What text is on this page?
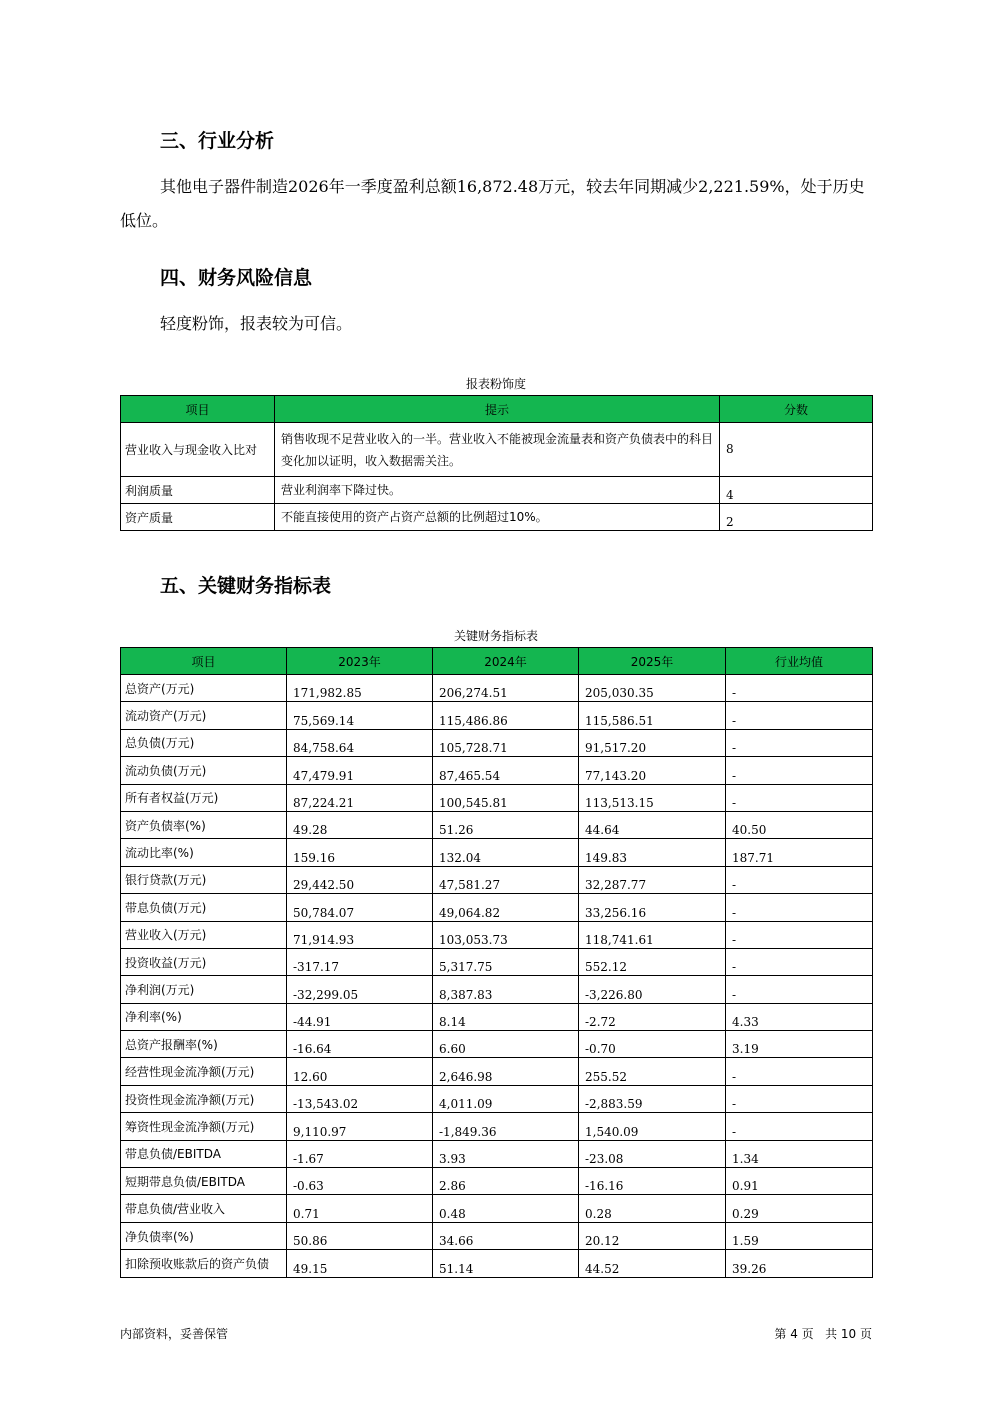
三、行业分析

其他电子器件制造2026年一季度盈利总额16,872.48万元，较去年同期减少2,221.59%，处于历史低位。

四、财务风险信息

轻度粉饰，报表较为可信。

报表粉饰度
项目	提示	分数
营业收入与现金收入比对	销售收现不足营业收入的一半。营业收入不能被现金流量表和资产负债表中的科目变化加以证明，收入数据需关注。	8
利润质量	营业利润率下降过快。	4
资产质量	不能直接使用的资产占资产总额的比例超过10%。	2
五、关键财务指标表
关键财务指标表
项目	2023年	2024年	2025年	行业均值
总资产(万元)	171,982.85	206,274.51	205,030.35	-
流动资产(万元)	75,569.14	115,486.86	115,586.51	-
总负债(万元)	84,758.64	105,728.71	91,517.20	-
流动负债(万元)	47,479.91	87,465.54	77,143.20	-
所有者权益(万元)	87,224.21	100,545.81	113,513.15	-
资产负债率(%)	49.28	51.26	44.64	40.50
流动比率(%)	159.16	132.04	149.83	187.71
银行贷款(万元)	29,442.50	47,581.27	32,287.77	-
带息负债(万元)	50,784.07	49,064.82	33,256.16	-
营业收入(万元)	71,914.93	103,053.73	118,741.61	-
投资收益(万元)	-317.17	5,317.75	552.12	-
净利润(万元)	-32,299.05	8,387.83	-3,226.80	-
净利率(%)	-44.91	8.14	-2.72	4.33
总资产报酬率(%)	-16.64	6.60	-0.70	3.19
经营性现金流净额(万元)	12.60	2,646.98	255.52	-
投资性现金流净额(万元)	-13,543.02	4,011.09	-2,883.59	-
筹资性现金流净额(万元)	9,110.97	-1,849.36	1,540.09	-
带息负债/EBITDA	-1.67	3.93	-23.08	1.34
短期带息负债/EBITDA	-0.63	2.86	-16.16	0.91
带息负债/营业收入	0.71	0.48	0.28	0.29
净负债率(%)	50.86	34.66	20.12	1.59
扣除预收账款后的资产负债	49.15	51.14	44.52	39.26
内部资料，妥善保管	第 4 页   共 10 页
